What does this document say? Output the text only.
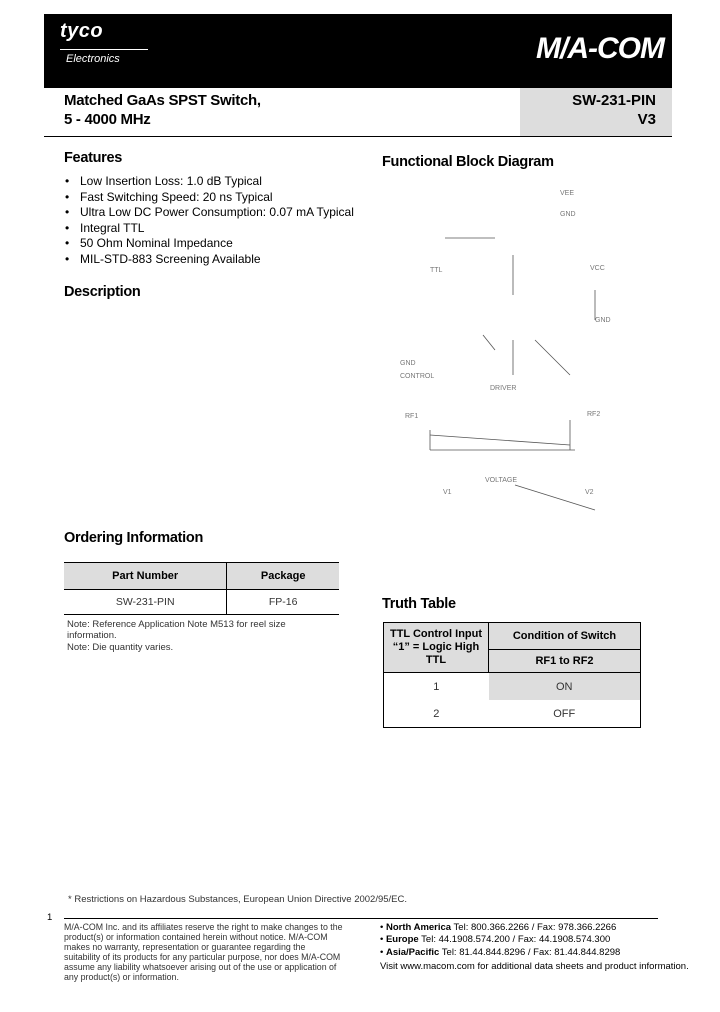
tyco
Electronics	M/A-COM
Matched GaAs SPST Switch,
5 - 4000 MHz
SW-231-PIN
V3
Features
• Low Insertion Loss: 1.0 dB Typical
• Fast Switching Speed: 20 ns Typical
• Ultra Low DC Power Consumption: 0.07 mA Typical
• Integral TTL
• 50 Ohm Nominal Impedance
• MIL-STD-883 Screening Available
Description
Functional Block Diagram
VEE
GND
TTL
RF1	RF2
DRIVER
GND
VCC
CONTROL
GND
VOLTAGE
V1	V2
Ordering Information
Part Number	Package
SW-231-PIN	FP-16
Note: Reference Application Note M513 for reel size information.
Note: Die quantity varies.
Truth Table
TTL Control Input “1” = Logic High TTL	Condition of Switch
	RF1 to RF2
1	ON
2	OFF
* Restrictions on Hazardous Substances, European Union Directive 2002/95/EC.
1
M/A-COM Inc. and its affiliates reserve the right to make changes to the product(s) or information contained herein without notice. M/A-COM makes no warranty, representation or guarantee regarding the suitability of its products for any particular purpose, nor does M/A-COM assume any liability whatsoever arising out of the use or application of any product(s) or information.
• North America Tel: 800.366.2266 / Fax: 978.366.2266
• Europe Tel: 44.1908.574.200 / Fax: 44.1908.574.300
• Asia/Pacific Tel: 81.44.844.8296 / Fax: 81.44.844.8298
Visit www.macom.com for additional data sheets and product information.
